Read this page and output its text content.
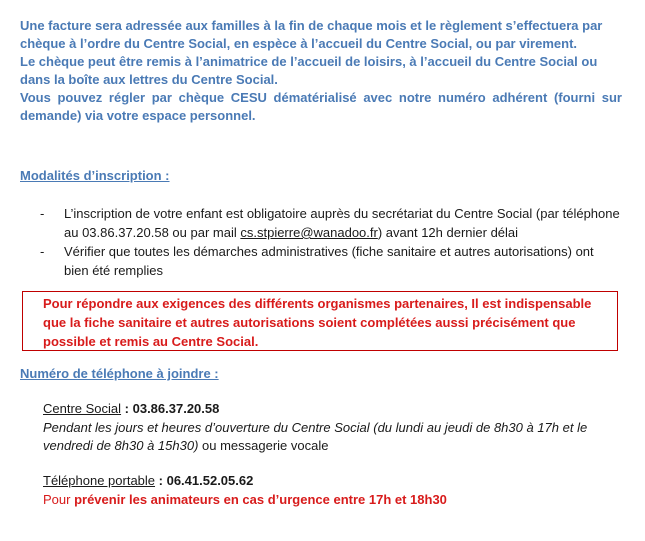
Une facture sera adressée aux familles à la fin de chaque mois et le règlement s’effectuera par chèque à l’ordre du Centre Social, en espèce à l’accueil du Centre Social, ou par virement.
Le chèque peut être remis à l’animatrice de l’accueil de loisirs, à l’accueil du Centre Social ou dans la boîte aux lettres du Centre Social.
Vous pouvez régler par chèque CESU dématérialisé avec notre numéro adhérent (fourni sur demande) via votre espace personnel.
Modalités d’inscription :
- L’inscription de votre enfant est obligatoire auprès du secrétariat du Centre Social (par téléphone au 03.86.37.20.58 ou par mail cs.stpierre@wanadoo.fr) avant 12h dernier délai
- Vérifier que toutes les démarches administratives (fiche sanitaire et autres autorisations) ont bien été remplies
Pour répondre aux exigences des différents organismes partenaires, Il est indispensable que la fiche sanitaire et autres autorisations soient complétées aussi précisément que possible et remis au Centre Social.
Numéro de téléphone à joindre :
Centre Social : 03.86.37.20.58
Pendant les jours et heures d’ouverture du Centre Social (du lundi au jeudi de 8h30 à 17h et le vendredi de 8h30 à 15h30) ou messagerie vocale
Téléphone portable : 06.41.52.05.62
Pour prévenir les animateurs en cas d’urgence entre 17h et 18h30
